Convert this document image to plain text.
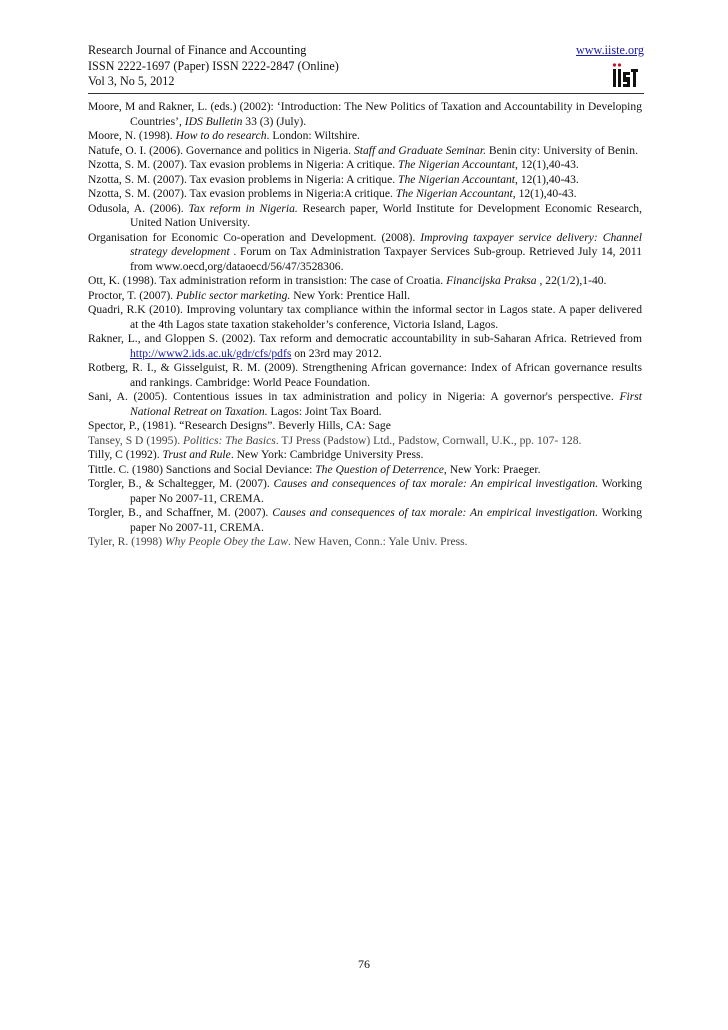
Research Journal of Finance and Accounting
ISSN 2222-1697 (Paper) ISSN 2222-2847 (Online)
Vol 3, No 5, 2012
www.iiste.org

Moore, M and Rakner, L. (eds.) (2002): ‘Introduction: The New Politics of Taxation and Accountability in Developing Countries’, IDS Bulletin 33 (3) (July).

Moore, N. (1998). How to do research. London: Wiltshire.

Natufe, O. I. (2006). Governance and politics in Nigeria. Staff and Graduate Seminar. Benin city: University of Benin.

Nzotta, S. M. (2007). Tax evasion problems in Nigeria: A critique. The Nigerian Accountant, 12(1),40-43.

Nzotta, S. M. (2007). Tax evasion problems in Nigeria: A critique. The Nigerian Accountant, 12(1),40-43.

Nzotta, S. M. (2007). Tax evasion problems in Nigeria:A critique. The Nigerian Accountant, 12(1),40-43.

Odusola, A. (2006). Tax reform in Nigeria. Research paper, World Institute for Development Economic Research, United Nation University.

Organisation for Economic Co-operation and Development. (2008). Improving taxpayer service delivery: Channel strategy development . Forum on Tax Administration Taxpayer Services Sub-group. Retrieved July 14, 2011 from www.oecd,org/dataoecd/56/47/3528306.

Ott, K. (1998). Tax administration reform in transistion: The case of Croatia. Financijska Praksa , 22(1/2),1-40.

Proctor, T. (2007). Public sector marketing. New York: Prentice Hall.

Quadri, R.K (2010). Improving voluntary tax compliance within the informal sector in Lagos state. A paper delivered at the 4th Lagos state taxation stakeholder’s conference, Victoria Island, Lagos.

Rakner, L., and Gloppen S. (2002). Tax reform and democratic accountability in sub-Saharan Africa. Retrieved from http://www2.ids.ac.uk/gdr/cfs/pdfs on 23rd may 2012.

Rotberg, R. I., & Gisselguist, R. M. (2009). Strengthening African governance: Index of African governance results and rankings. Cambridge: World Peace Foundation.

Sani, A. (2005). Contentious issues in tax administration and policy in Nigeria: A governor's perspective. First National Retreat on Taxation. Lagos: Joint Tax Board.

Spector, P., (1981). “Research Designs”. Beverly Hills, CA: Sage

Tansey, S D (1995). Politics: The Basics. TJ Press (Padstow) Ltd., Padstow, Cornwall, U.K., pp. 107- 128.

Tilly, C (1992). Trust and Rule. New York: Cambridge University Press.

Tittle. C. (1980) Sanctions and Social Deviance: The Question of Deterrence, New York: Praeger.

Torgler, B., & Schaltegger, M. (2007). Causes and consequences of tax morale: An empirical investigation. Working paper No 2007-11, CREMA.

Torgler, B., and Schaffner, M. (2007). Causes and consequences of tax morale: An empirical investigation. Working paper No 2007-11, CREMA.

Tyler, R. (1998) Why People Obey the Law. New Haven, Conn.: Yale Univ. Press.

76
